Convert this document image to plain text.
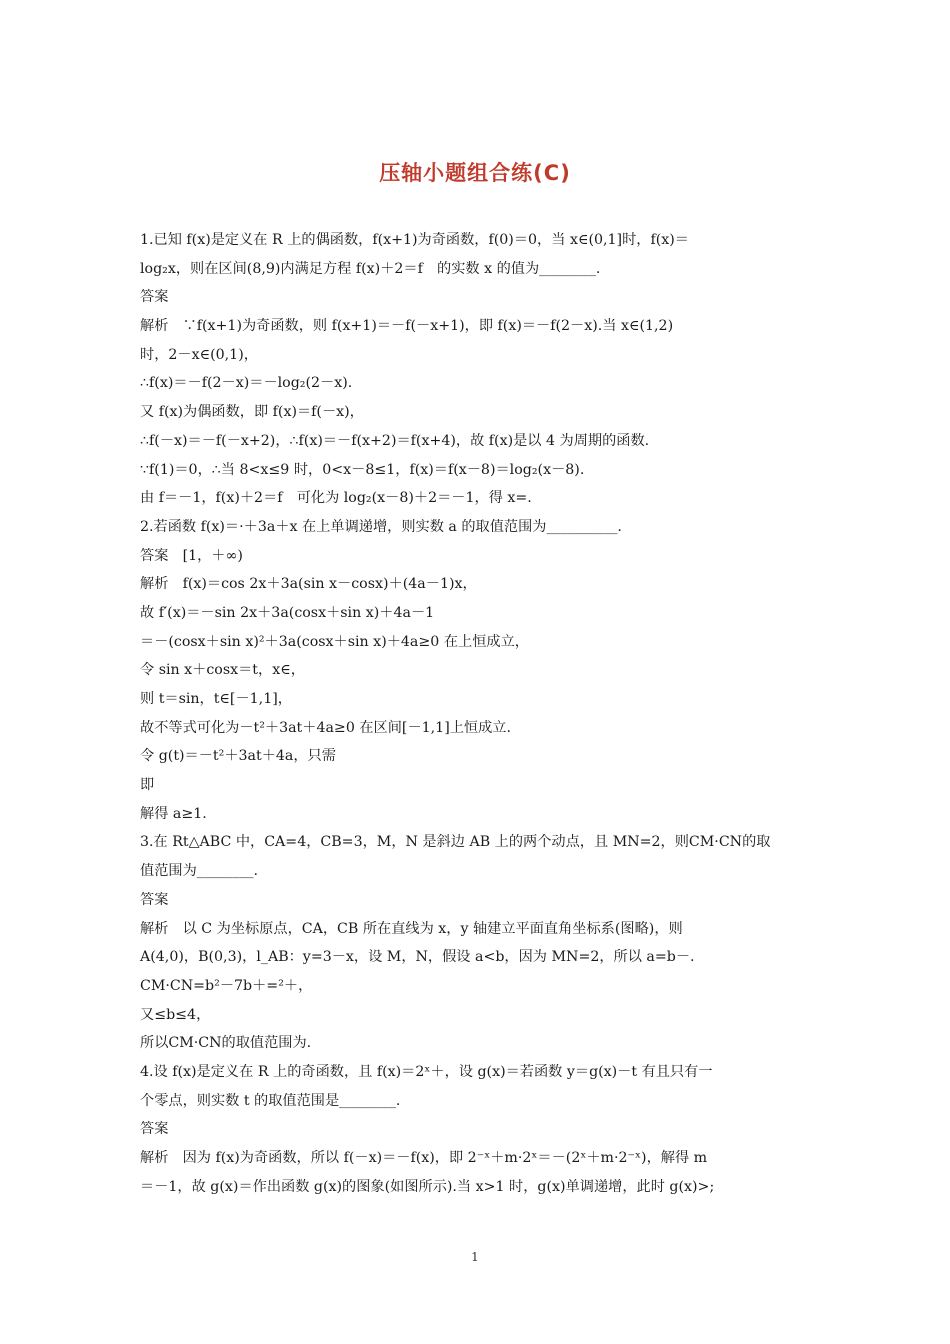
压轴小题组合练(C)
1.已知 f(x)是定义在 R 上的偶函数，f(x+1)为奇函数，f(0)＝0，当 x∈(0,1]时，f(x)＝
log₂x，则在区间(8,9)内满足方程 f(x)＋2＝f　的实数 x 的值为________.
答案
解析　∵f(x+1)为奇函数，则 f(x+1)＝－f(－x+1)，即 f(x)＝－f(2－x).当 x∈(1,2)
时，2－x∈(0,1)，
∴f(x)＝－f(2－x)＝－log₂(2－x).
又 f(x)为偶函数，即 f(x)＝f(－x)，
∴f(－x)＝－f(－x+2)，∴f(x)＝－f(x+2)＝f(x+4)，故 f(x)是以 4 为周期的函数.
∵f(1)＝0，∴当 8<x≤9 时，0<x－8≤1，f(x)＝f(x－8)＝log₂(x－8).
由 f＝－1，f(x)＋2＝f　可化为 log₂(x－8)＋2＝－1，得 x=.
2.若函数 f(x)＝·＋3a＋x 在上单调递增，则实数 a 的取值范围为__________.
答案　[1，＋∞)
解析　f(x)＝cos 2x＋3a(sin x－cosx)＋(4a－1)x，
故 f′(x)＝－sin 2x＋3a(cosx＋sin x)＋4a－1
＝－(cosx＋sin x)²＋3a(cosx＋sin x)＋4a≥0 在上恒成立，
令 sin x＋cosx＝t，x∈，
则 t＝sin，t∈[－1,1]，
故不等式可化为－t²＋3at＋4a≥0 在区间[－1,1]上恒成立.
令 g(t)＝－t²＋3at＋4a，只需
即
解得 a≥1.
3.在 Rt△ABC 中，CA=4，CB=3，M，N 是斜边 AB 上的两个动点，且 MN=2，则CM·CN的取
值范围为________.
答案
解析　以 C 为坐标原点，CA，CB 所在直线为 x，y 轴建立平面直角坐标系(图略)，则
A(4,0)，B(0,3)，l_AB：y=3－x，设 M，N，假设 a<b，因为 MN=2，所以 a=b－.
CM·CN=b²－7b＋=²＋，
又≤b≤4，
所以CM·CN的取值范围为.
4.设 f(x)是定义在 R 上的奇函数，且 f(x)＝2ˣ＋，设 g(x)＝若函数 y＝g(x)－t 有且只有一
个零点，则实数 t 的取值范围是________.
答案
解析　因为 f(x)为奇函数，所以 f(－x)＝－f(x)，即 2⁻ˣ＋m·2ˣ＝－(2ˣ＋m·2⁻ˣ)，解得 m
＝－1，故 g(x)＝作出函数 g(x)的图象(如图所示).当 x>1 时，g(x)单调递增，此时 g(x)>;
1
